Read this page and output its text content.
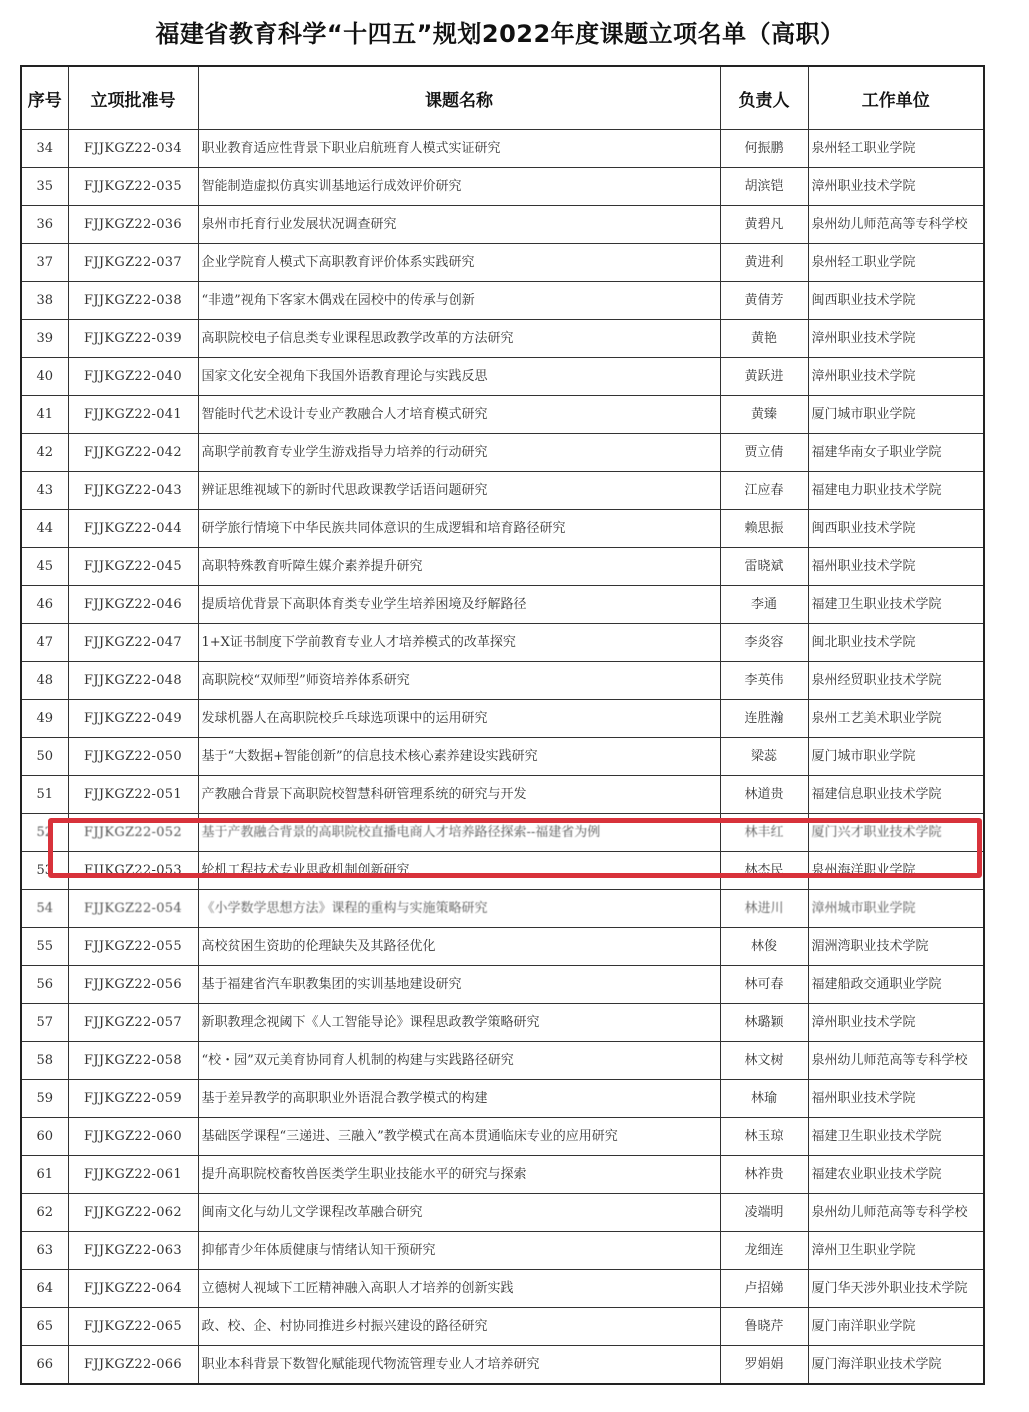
福建省教育科学“十四五”规划2022年度课题立项名单（高职）
序号	立项批准号	课题名称	负责人	工作单位
34	FJJKGZ22-034	职业教育适应性背景下职业启航班育人模式实证研究	何振鹏	泉州轻工职业学院
35	FJJKGZ22-035	智能制造虚拟仿真实训基地运行成效评价研究	胡滨铠	漳州职业技术学院
36	FJJKGZ22-036	泉州市托育行业发展状况调查研究	黄碧凡	泉州幼儿师范高等专科学校
37	FJJKGZ22-037	企业学院育人模式下高职教育评价体系实践研究	黄进利	泉州轻工职业学院
38	FJJKGZ22-038	“非遗”视角下客家木偶戏在园校中的传承与创新	黄倩芳	闽西职业技术学院
39	FJJKGZ22-039	高职院校电子信息类专业课程思政教学改革的方法研究	黄艳	漳州职业技术学院
40	FJJKGZ22-040	国家文化安全视角下我国外语教育理论与实践反思	黄跃进	漳州职业技术学院
41	FJJKGZ22-041	智能时代艺术设计专业产教融合人才培育模式研究	黄臻	厦门城市职业学院
42	FJJKGZ22-042	高职学前教育专业学生游戏指导力培养的行动研究	贾立倩	福建华南女子职业学院
43	FJJKGZ22-043	辨证思维视域下的新时代思政课教学话语问题研究	江应春	福建电力职业技术学院
44	FJJKGZ22-044	研学旅行情境下中华民族共同体意识的生成逻辑和培育路径研究	赖思振	闽西职业技术学院
45	FJJKGZ22-045	高职特殊教育听障生媒介素养提升研究	雷晓斌	福州职业技术学院
46	FJJKGZ22-046	提质培优背景下高职体育类专业学生培养困境及纾解路径	李通	福建卫生职业技术学院
47	FJJKGZ22-047	1+X证书制度下学前教育专业人才培养模式的改革探究	李炎容	闽北职业技术学院
48	FJJKGZ22-048	高职院校“双师型”师资培养体系研究	李英伟	泉州经贸职业技术学院
49	FJJKGZ22-049	发球机器人在高职院校乒乓球选项课中的运用研究	连胜瀚	泉州工艺美术职业学院
50	FJJKGZ22-050	基于“大数据+智能创新”的信息技术核心素养建设实践研究	梁蕊	厦门城市职业学院
51	FJJKGZ22-051	产教融合背景下高职院校智慧科研管理系统的研究与开发	林道贵	福建信息职业技术学院
52	FJJKGZ22-052	基于产教融合背景的高职院校直播电商人才培养路径探索--福建省为例	林丰红	厦门兴才职业技术学院
53	FJJKGZ22-053	轮机工程技术专业思政机制创新研究	林杰民	泉州海洋职业学院
54	FJJKGZ22-054	《小学数学思想方法》课程的重构与实施策略研究	林进川	漳州城市职业学院
55	FJJKGZ22-055	高校贫困生资助的伦理缺失及其路径优化	林俊	湄洲湾职业技术学院
56	FJJKGZ22-056	基于福建省汽车职教集团的实训基地建设研究	林可春	福建船政交通职业学院
57	FJJKGZ22-057	新职教理念视阈下《人工智能导论》课程思政教学策略研究	林璐颖	漳州职业技术学院
58	FJJKGZ22-058	“校・园”双元美育协同育人机制的构建与实践路径研究	林文树	泉州幼儿师范高等专科学校
59	FJJKGZ22-059	基于差异教学的高职职业外语混合教学模式的构建	林瑜	福州职业技术学院
60	FJJKGZ22-060	基础医学课程“三递进、三融入”教学模式在高本贯通临床专业的应用研究	林玉琼	福建卫生职业技术学院
61	FJJKGZ22-061	提升高职院校畜牧兽医类学生职业技能水平的研究与探索	林祚贵	福建农业职业技术学院
62	FJJKGZ22-062	闽南文化与幼儿文学课程改革融合研究	凌端明	泉州幼儿师范高等专科学校
63	FJJKGZ22-063	抑郁青少年体质健康与情绪认知干预研究	龙细连	漳州卫生职业学院
64	FJJKGZ22-064	立德树人视域下工匠精神融入高职人才培养的创新实践	卢招娣	厦门华天涉外职业技术学院
65	FJJKGZ22-065	政、校、企、村协同推进乡村振兴建设的路径研究	鲁晓芹	厦门南洋职业学院
66	FJJKGZ22-066	职业本科背景下数智化赋能现代物流管理专业人才培养研究	罗娟娟	厦门海洋职业技术学院
